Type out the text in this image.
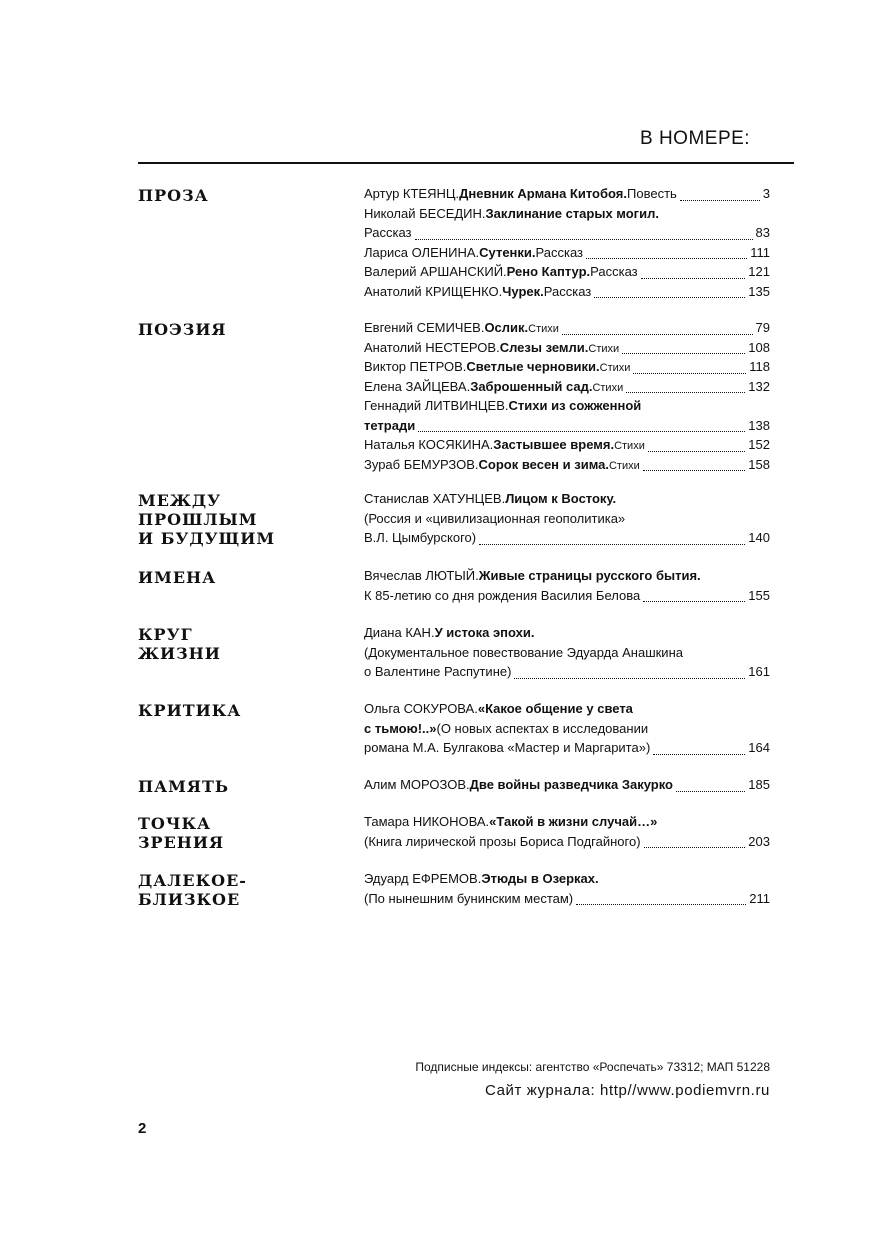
В НОМЕРЕ:
ПРОЗА	Артур КТЕЯНЦ. Дневник Армана Китобоя. Повесть	3
Николай БЕСЕДИН. Заклинание старых могил.
Рассказ	83
Лариса ОЛЕНИНА. Сутенки. Рассказ	111
Валерий АРШАНСКИЙ. Рено Каптур. Рассказ	121
Анатолий КРИЩЕНКО. Чурек. Рассказ	135
ПОЭЗИЯ	Евгений СЕМИЧЕВ. Ослик. Стихи	79
Анатолий НЕСТЕРОВ. Слезы земли. Стихи	108
Виктор ПЕТРОВ. Светлые черновики. Стихи	118
Елена ЗАЙЦЕВА. Заброшенный сад. Стихи	132
Геннадий ЛИТВИНЦЕВ. Стихи из сожженной
тетради	138
Наталья КОСЯКИНА. Застывшее время. Стихи	152
Зураб БЕМУРЗОВ. Сорок весен и зима. Стихи	158
МЕЖДУ
ПРОШЛЫМ
И БУДУЩИМ
Станислав ХАТУНЦЕВ. Лицом к Востоку.
(Россия и «цивилизационная геополитика»
В.Л. Цымбурского)	140
ИМЕНА	Вячеслав ЛЮТЫЙ. Живые страницы русского бытия.
К 85-летию со дня рождения Василия Белова	155
КРУГ
ЖИЗНИ
Диана КАН. У истока эпохи.
(Документальное повествование Эдуарда Анашкина
о Валентине Распутине)	161
КРИТИКА	Ольга СОКУРОВА. «Какое общение у света
с тьмою!..» (О новых аспектах в исследовании
романа М.А. Булгакова «Мастер и Маргарита»)	164
ПАМЯТЬ	Алим МОРОЗОВ. Две войны разведчика Закурко	185
ТОЧКА
ЗРЕНИЯ
Тамара НИКОНОВА. «Такой в жизни случай…»
(Книга лирической прозы Бориса Подгайного)	203
ДАЛЕКОЕ-
БЛИЗКОЕ
Эдуард ЕФРЕМОВ. Этюды в Озерках.
(По нынешним бунинским местам)	211
Подписные индексы: агентство «Роспечать» 73312; МАП 51228
Сайт журнала: http//www.podiemvrn.ru
2
